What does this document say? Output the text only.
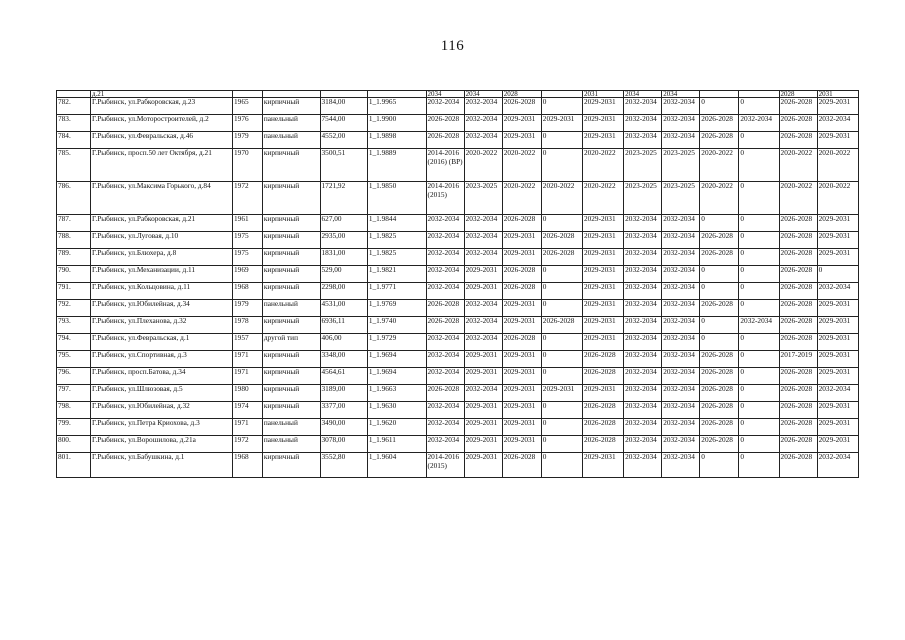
116
	д.21					2034	2034	2028		2031	2034	2034			2028	2031
782.	Г.Рыбинск, ул.Рабкоровская, д.23	1965	кирпичный	3184,00	1_1.9965	2032-2034	2032-2034	2026-2028	0	2029-2031	2032-2034	2032-2034	0	0	2026-2028	2029-2031
783.	Г.Рыбинск, ул.Моторостроителей, д.2	1976	панельный	7544,00	1_1.9900	2026-2028	2032-2034	2029-2031	2029-2031	2029-2031	2032-2034	2032-2034	2026-2028	2032-2034	2026-2028	2032-2034
784.	Г.Рыбинск, ул.Февральская, д.46	1979	панельный	4552,00	1_1.9898	2026-2028	2032-2034	2029-2031	0	2029-2031	2032-2034	2032-2034	2026-2028	0	2026-2028	2029-2031
785.	Г.Рыбинск, просп.50 лет Октября, д.21	1970	кирпичный	3500,51	1_1.9889	2014-2016 (2016) (ВР)	2020-2022	2020-2022	0	2020-2022	2023-2025	2023-2025	2020-2022	0	2020-2022	2020-2022
786.	Г.Рыбинск, ул.Максима Горького, д.84	1972	кирпичный	1721,92	1_1.9850	2014-2016 (2015)	2023-2025	2020-2022	2020-2022	2020-2022	2023-2025	2023-2025	2020-2022	0	2020-2022	2020-2022
787.	Г.Рыбинск, ул.Рабкоровская, д.21	1961	кирпичный	627,00	1_1.9844	2032-2034	2032-2034	2026-2028	0	2029-2031	2032-2034	2032-2034	0	0	2026-2028	2029-2031
788.	Г.Рыбинск, ул.Луговая, д.10	1975	кирпичный	2935,00	1_1.9825	2032-2034	2032-2034	2029-2031	2026-2028	2029-2031	2032-2034	2032-2034	2026-2028	0	2026-2028	2029-2031
789.	Г.Рыбинск, ул.Блюхера, д.8	1975	кирпичный	1831,00	1_1.9825	2032-2034	2032-2034	2029-2031	2026-2028	2029-2031	2032-2034	2032-2034	2026-2028	0	2026-2028	2029-2031
790.	Г.Рыбинск, ул.Механизации, д.11	1969	кирпичный	529,00	1_1.9821	2032-2034	2029-2031	2026-2028	0	2029-2031	2032-2034	2032-2034	0	0	2026-2028	0
791.	Г.Рыбинск, ул.Кольцовина, д.11	1968	кирпичный	2298,00	1_1.9771	2032-2034	2029-2031	2026-2028	0	2029-2031	2032-2034	2032-2034	0	0	2026-2028	2032-2034
792.	Г.Рыбинск, ул.Юбилейная, д.34	1979	панельный	4531,00	1_1.9769	2026-2028	2032-2034	2029-2031	0	2029-2031	2032-2034	2032-2034	2026-2028	0	2026-2028	2029-2031
793.	Г.Рыбинск, ул.Плеханова, д.32	1978	кирпичный	6936,11	1_1.9740	2026-2028	2032-2034	2029-2031	2026-2028	2029-2031	2032-2034	2032-2034	0	2032-2034	2026-2028	2029-2031
794.	Г.Рыбинск, ул.Февральская, д.1	1957	другой тип	406,00	1_1.9729	2032-2034	2032-2034	2026-2028	0	2029-2031	2032-2034	2032-2034	0	0	2026-2028	2029-2031
795.	Г.Рыбинск, ул.Спортивная, д.3	1971	кирпичный	3348,00	1_1.9694	2032-2034	2029-2031	2029-2031	0	2026-2028	2032-2034	2032-2034	2026-2028	0	2017-2019	2029-2031
796.	Г.Рыбинск, просп.Батова, д.34	1971	кирпичный	4564,61	1_1.9694	2032-2034	2029-2031	2029-2031	0	2026-2028	2032-2034	2032-2034	2026-2028	0	2026-2028	2029-2031
797.	Г.Рыбинск, ул.Шлюзовая, д.5	1980	кирпичный	3189,00	1_1.9663	2026-2028	2032-2034	2029-2031	2029-2031	2029-2031	2032-2034	2032-2034	2026-2028	0	2026-2028	2032-2034
798.	Г.Рыбинск, ул.Юбилейная, д.32	1974	кирпичный	3377,00	1_1.9630	2032-2034	2029-2031	2029-2031	0	2026-2028	2032-2034	2032-2034	2026-2028	0	2026-2028	2029-2031
799.	Г.Рыбинск, ул.Петра Криохова, д.3	1971	панельный	3490,00	1_1.9620	2032-2034	2029-2031	2029-2031	0	2026-2028	2032-2034	2032-2034	2026-2028	0	2026-2028	2029-2031
800.	Г.Рыбинск, ул.Ворошилова, д.21а	1972	панельный	3078,00	1_1.9611	2032-2034	2029-2031	2029-2031	0	2026-2028	2032-2034	2032-2034	2026-2028	0	2026-2028	2029-2031
801.	Г.Рыбинск, ул.Бабушкина, д.1	1968	кирпичный	3552,80	1_1.9604	2014-2016 (2015)	2029-2031	2026-2028	0	2029-2031	2032-2034	2032-2034	0	0	2026-2028	2032-2034
